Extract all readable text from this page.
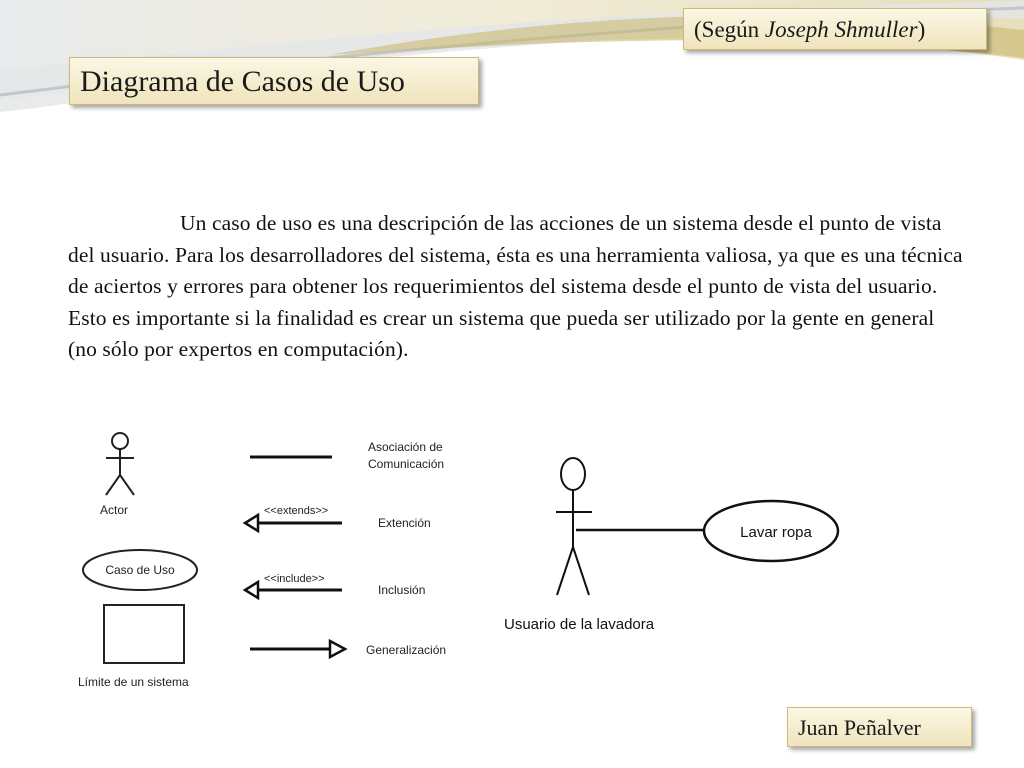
(Según Joseph Shmuller)
Diagrama de Casos de Uso

Un caso de uso es una descripción de las acciones de un sistema desde el punto de vista del usuario. Para los desarrolladores del sistema, ésta es una herramienta valiosa, ya que es una técnica de aciertos y errores para obtener los requerimientos del sistema desde el punto de vista del usuario. Esto es importante si la finalidad es crear un sistema que pueda ser utilizado por la gente en general (no sólo por expertos en computación).

Actor
Caso de Uso
Límite de un sistema
Asociación de
Comunicación
<<extends>>
Extención
<<include>>
Inclusión
Generalización
Lavar ropa
Usuario de la lavadora
Juan Peñalver
